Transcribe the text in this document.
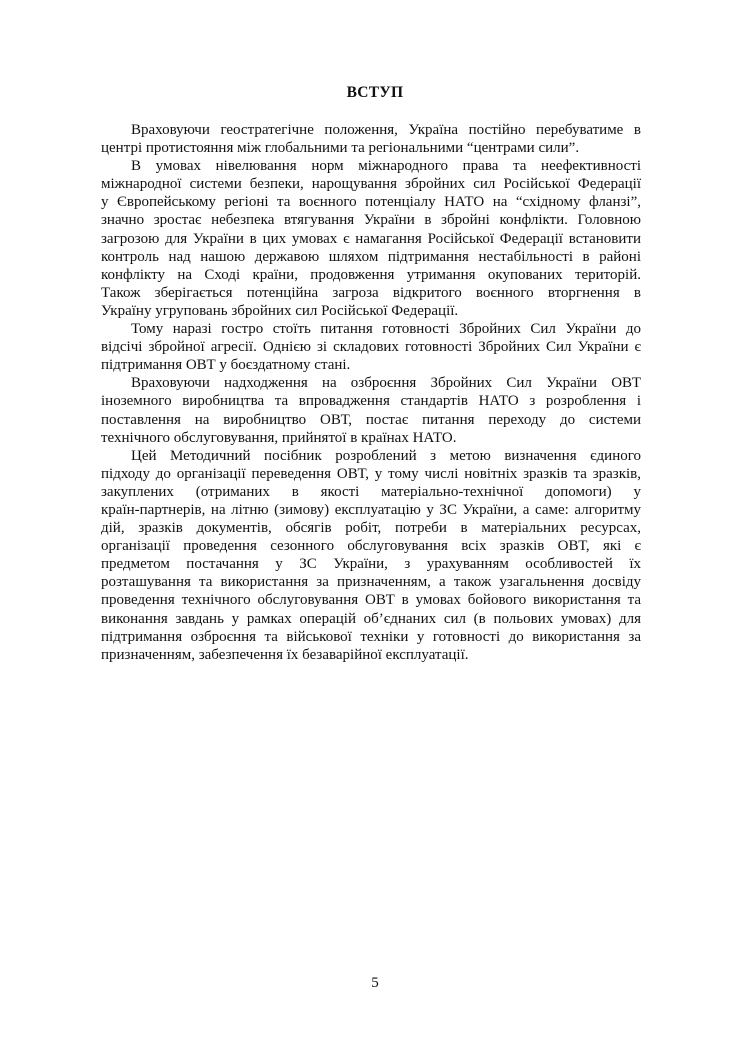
ВСТУП
Враховуючи геостратегічне положення, Україна постійно перебуватиме в
центрі протистояння між глобальними та регіональними “центрами сили”.
В умовах нівелювання норм міжнародного права та неефективності
міжнародної системи безпеки, нарощування збройних сил Російської Федерації
у Європейському регіоні та воєнного потенціалу НАТО на “східному фланзі”,
значно зростає небезпека втягування України в збройні конфлікти. Головною
загрозою для України в цих умовах є намагання Російської Федерації встановити
контроль над нашою державою шляхом підтримання нестабільності в районі
конфлікту на Сході країни, продовження утримання окупованих територій.
Також зберігається потенційна загроза відкритого воєнного вторгнення в
Україну угруповань збройних сил Російської Федерації.
Тому наразі гостро стоїть питання готовності Збройних Сил України до
відсічі збройної агресії. Однією зі складових готовності Збройних Сил України є
підтримання ОВТ у боєздатному стані.
Враховуючи надходження на озброєння Збройних Сил України ОВТ
іноземного виробництва та впровадження стандартів НАТО з розроблення і
поставлення на виробництво ОВТ, постає питання переходу до системи
технічного обслуговування, прийнятої в країнах НАТО.
Цей Методичний посібник розроблений з метою визначення єдиного
підходу до організації переведення ОВТ, у тому числі новітніх зразків та зразків,
закуплених (отриманих в якості матеріально-технічної допомоги) у
країн-партнерів, на літню (зимову) експлуатацію у ЗС України, а саме: алгоритму
дій, зразків документів, обсягів робіт, потреби в матеріальних ресурсах,
організації проведення сезонного обслуговування всіх зразків ОВТ, які є
предметом постачання у ЗС України, з урахуванням особливостей їх
розташування та використання за призначенням, а також узагальнення досвіду
проведення технічного обслуговування ОВТ в умовах бойового використання та
виконання завдань у рамках операцій об’єднаних сил (в польових умовах) для
підтримання озброєння та військової техніки у готовності до використання за
призначенням, забезпечення їх безаварійної експлуатації.
5
